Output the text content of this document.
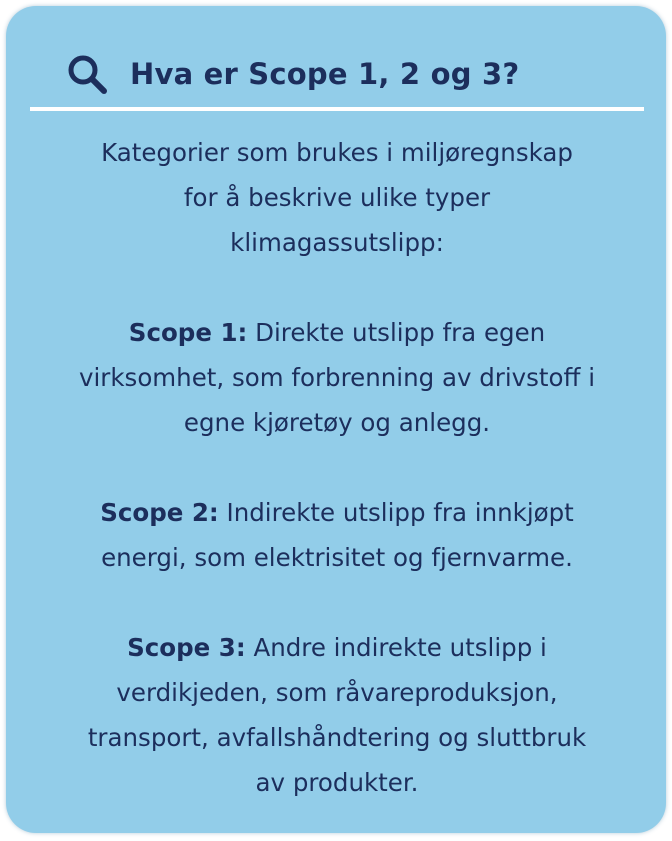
Hva er Scope 1, 2 og 3?

Kategorier som brukes i miljøregnskap
for å beskrive ulike typer
klimagassutslipp:

Scope 1: Direkte utslipp fra egen
virksomhet, som forbrenning av drivstoff i
egne kjøretøy og anlegg.

Scope 2: Indirekte utslipp fra innkjøpt
energi, som elektrisitet og fjernvarme.

Scope 3: Andre indirekte utslipp i
verdikjeden, som råvareproduksjon,
transport, avfallshåndtering og sluttbruk
av produkter.
